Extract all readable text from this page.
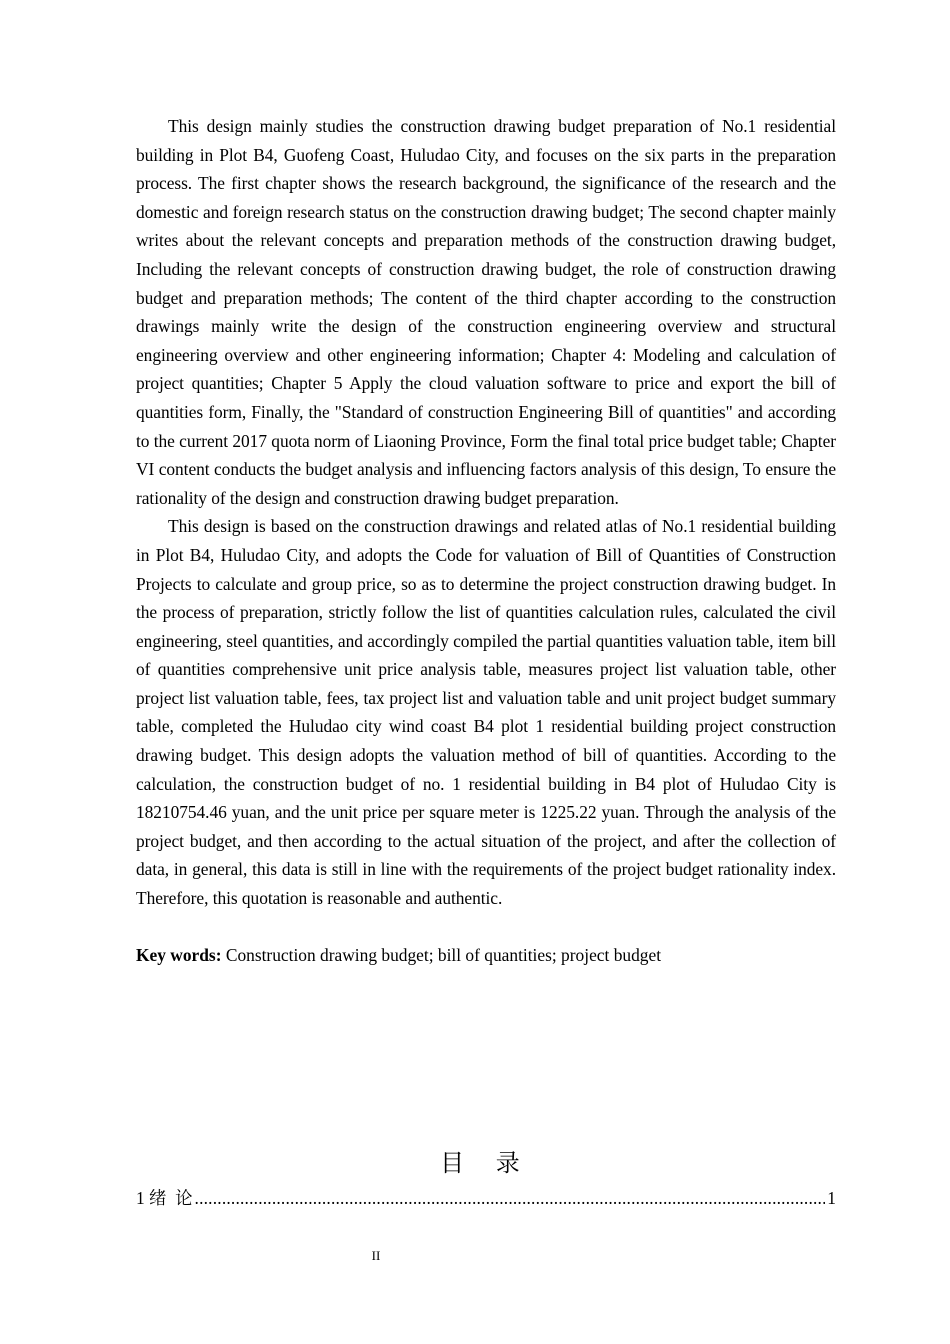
This design mainly studies the construction drawing budget preparation of No.1 residential building in Plot B4, Guofeng Coast, Huludao City, and focuses on the six parts in the preparation process. The first chapter shows the research background, the significance of the research and the domestic and foreign research status on the construction drawing budget; The second chapter mainly writes about the relevant concepts and preparation methods of the construction drawing budget, Including the relevant concepts of construction drawing budget, the role of construction drawing budget and preparation methods; The content of the third chapter according to the construction drawings mainly write the design of the construction engineering overview and structural engineering overview and other engineering information; Chapter 4: Modeling and calculation of project quantities; Chapter 5 Apply the cloud valuation software to price and export the bill of quantities form, Finally, the "Standard of construction Engineering Bill of quantities" and according to the current 2017 quota norm of Liaoning Province, Form the final total price budget table; Chapter VI content conducts the budget analysis and influencing factors analysis of this design, To ensure the rationality of the design and construction drawing budget preparation.

This design is based on the construction drawings and related atlas of No.1 residential building in Plot B4, Huludao City, and adopts the Code for valuation of Bill of Quantities of Construction Projects to calculate and group price, so as to determine the project construction drawing budget. In the process of preparation, strictly follow the list of quantities calculation rules, calculated the civil engineering, steel quantities, and accordingly compiled the partial quantities valuation table, item bill of quantities comprehensive unit price analysis table, measures project list valuation table, other project list valuation table, fees, tax project list and valuation table and unit project budget summary table, completed the Huludao city wind coast B4 plot 1 residential building project construction drawing budget. This design adopts the valuation method of bill of quantities. According to the calculation, the construction budget of no. 1 residential building in B4 plot of Huludao City is 18210754.46 yuan, and the unit price per square meter is 1225.22 yuan. Through the analysis of the project budget, and then according to the actual situation of the project, and after the collection of data, in general, this data is still in line with the requirements of the project budget rationality index. Therefore, this quotation is reasonable and authentic.

Key words: Construction drawing budget; bill of quantities; project budget

目 录
1 绪  论
.....	1
II
